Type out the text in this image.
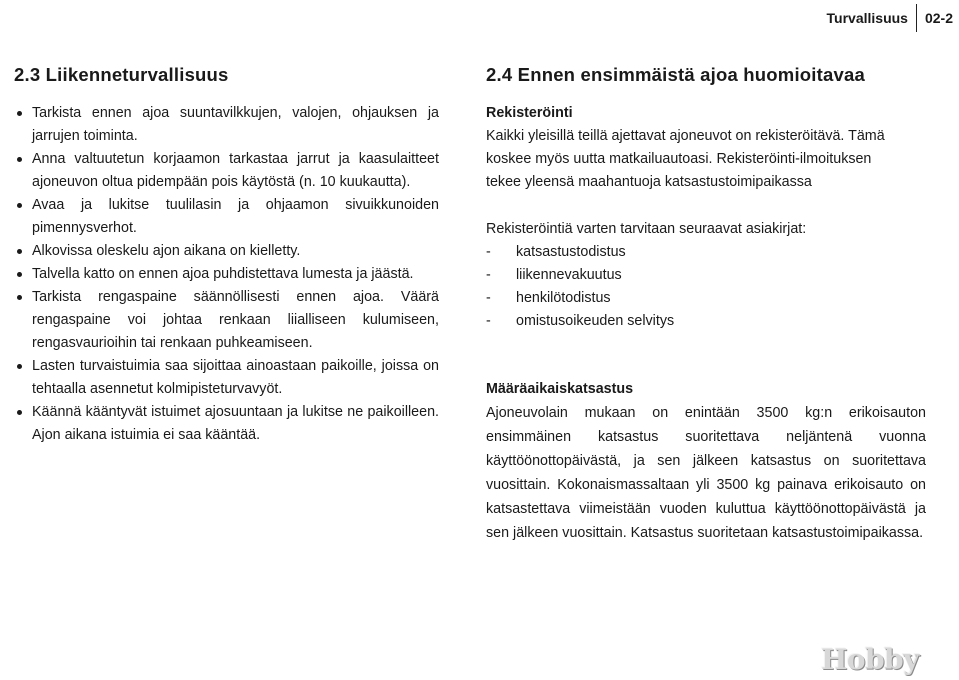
Turvallisuus	02-2
2.3 Liikenneturvallisuus
Tarkista ennen ajoa suuntavilkkujen, valojen, ohjauksen ja jarrujen toiminta.
Anna valtuutetun korjaamon tarkastaa jarrut ja kaasulaitteet ajoneuvon oltua pidempään pois käytöstä (n. 10 kuukautta).
Avaa ja lukitse tuulilasin ja ohjaamon sivuikkunoiden pimennysverhot.
Alkovissa oleskelu ajon aikana on kielletty.
Talvella katto on ennen ajoa puhdistettava lumesta ja jäästä.
Tarkista rengaspaine säännöllisesti ennen ajoa. Väärä rengaspaine voi johtaa renkaan liialliseen kulumiseen, rengasvaurioihin tai renkaan puhkeamiseen.
Lasten turvaistuimia saa sijoittaa ainoastaan paikoille, joissa on tehtaalla asennetut kolmipisteturvavyöt.
Käännä kääntyvät istuimet ajosuuntaan ja lukitse ne paikoilleen. Ajon aikana istuimia ei saa kääntää.
2.4 Ennen ensimmäistä ajoa huomioitavaa

Rekisteröinti

Kaikki yleisillä teillä ajettavat ajoneuvot on rekisteröitävä. Tämä

koskee myös uutta matkailuautoasi. Rekisteröinti-ilmoituksen

tekee yleensä maahantuoja katsastustoimipaikassa

Rekisteröintiä varten tarvitaan seuraavat asiakirjat:

- katsastustodistus
- liikennevakuutus
- henkilötodistus
- omistusoikeuden selvitys

Määräaikaiskatsastus

Ajoneuvolain mukaan on enintään 3500 kg:n erikoisauton ensimmäinen katsastus suoritettava neljäntenä vuonna käyttöönottopäivästä, ja sen jälkeen katsastus on suoritettava vuosittain. Kokonaismassaltaan yli 3500 kg painava erikoisauto on katsastettava viimeistään vuoden kuluttua käyttöönottopäivästä ja sen jälkeen vuosittain. Katsastus suoritetaan katsastustoimipaikassa.

Hobby
